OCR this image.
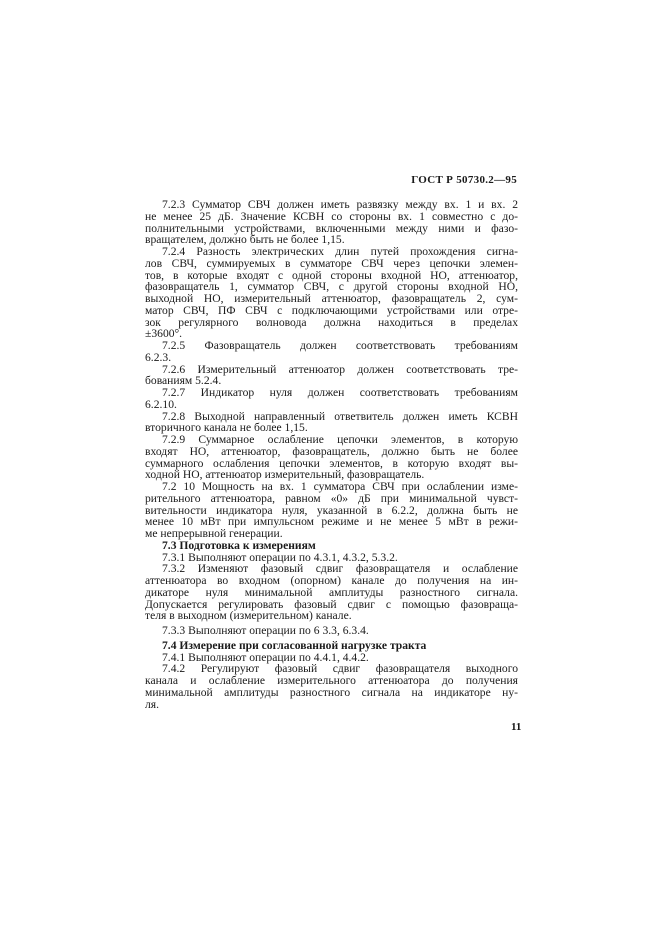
ГОСТ Р 50730.2—95
7.2.3 Сумматор СВЧ должен иметь развязку между вх. 1 и вх. 2
не менее 25 дБ. Значение КСВН со стороны вх. 1 совместно с до-
полнительными устройствами, включенными между ними и фазо-
вращателем, должно быть не более 1,15.
7.2.4 Разность электрических длин путей прохождения сигна-
лов СВЧ, суммируемых в сумматоре СВЧ через цепочки элемен-
тов, в которые входят с одной стороны входной НО, аттенюатор,
фазовращатель 1, сумматор СВЧ, с другой стороны входной НО,
выходной НО, измерительный аттенюатор, фазовращатель 2, сум-
матор СВЧ, ПФ СВЧ с подключающими устройствами или отре-
зок регулярного волновода должна находиться в пределах
±3600°.
7.2.5 Фазовращатель должен соответствовать требованиям
6.2.3.
7.2.6 Измерительный аттенюатор должен соответствовать тре-
бованиям 5.2.4.
7.2.7 Индикатор нуля должен соответствовать требованиям
6.2.10.
7.2.8 Выходной направленный ответвитель должен иметь КСВН
вторичного канала не более 1,15.
7.2.9 Суммарное ослабление цепочки элементов, в которую
входят НО, аттенюатор, фазовращатель, должно быть не более
суммарного ослабления цепочки элементов, в которую входят вы-
ходной НО, аттенюатор измерительный, фазовращатель.
7.2 10 Мощность на вх. 1 сумматора СВЧ при ослаблении изме-
рительного аттенюатора, равном «0» дБ при минимальной чувст-
вительности индикатора нуля, указанной в 6.2.2, должна быть не
менее 10 мВт при импульсном режиме и не менее 5 мВт в режи-
ме непрерывной генерации.
7.3 Подготовка к измерениям
7.3.1 Выполняют операции по 4.3.1, 4.3.2, 5.3.2.
7.3.2 Изменяют фазовый сдвиг фазовращателя и ослабление
аттенюатора во входном (опорном) канале до получения на ин-
дикаторе нуля минимальной амплитуды разностного сигнала.
Допускается регулировать фазовый сдвиг с помощью фазовраща-
теля в выходном (измерительном) канале.
7.3.3 Выполняют операции по 6 3.3, 6.3.4.
7.4 Измерение при согласованной нагрузке тракта
7.4.1 Выполняют операции по 4.4.1, 4.4.2.
7.4.2 Регулируют фазовый сдвиг фазовращателя выходного
канала и ослабление измерительного аттенюатора до получения
минимальной амплитуды разностного сигнала на индикаторе ну-
ля.
11
